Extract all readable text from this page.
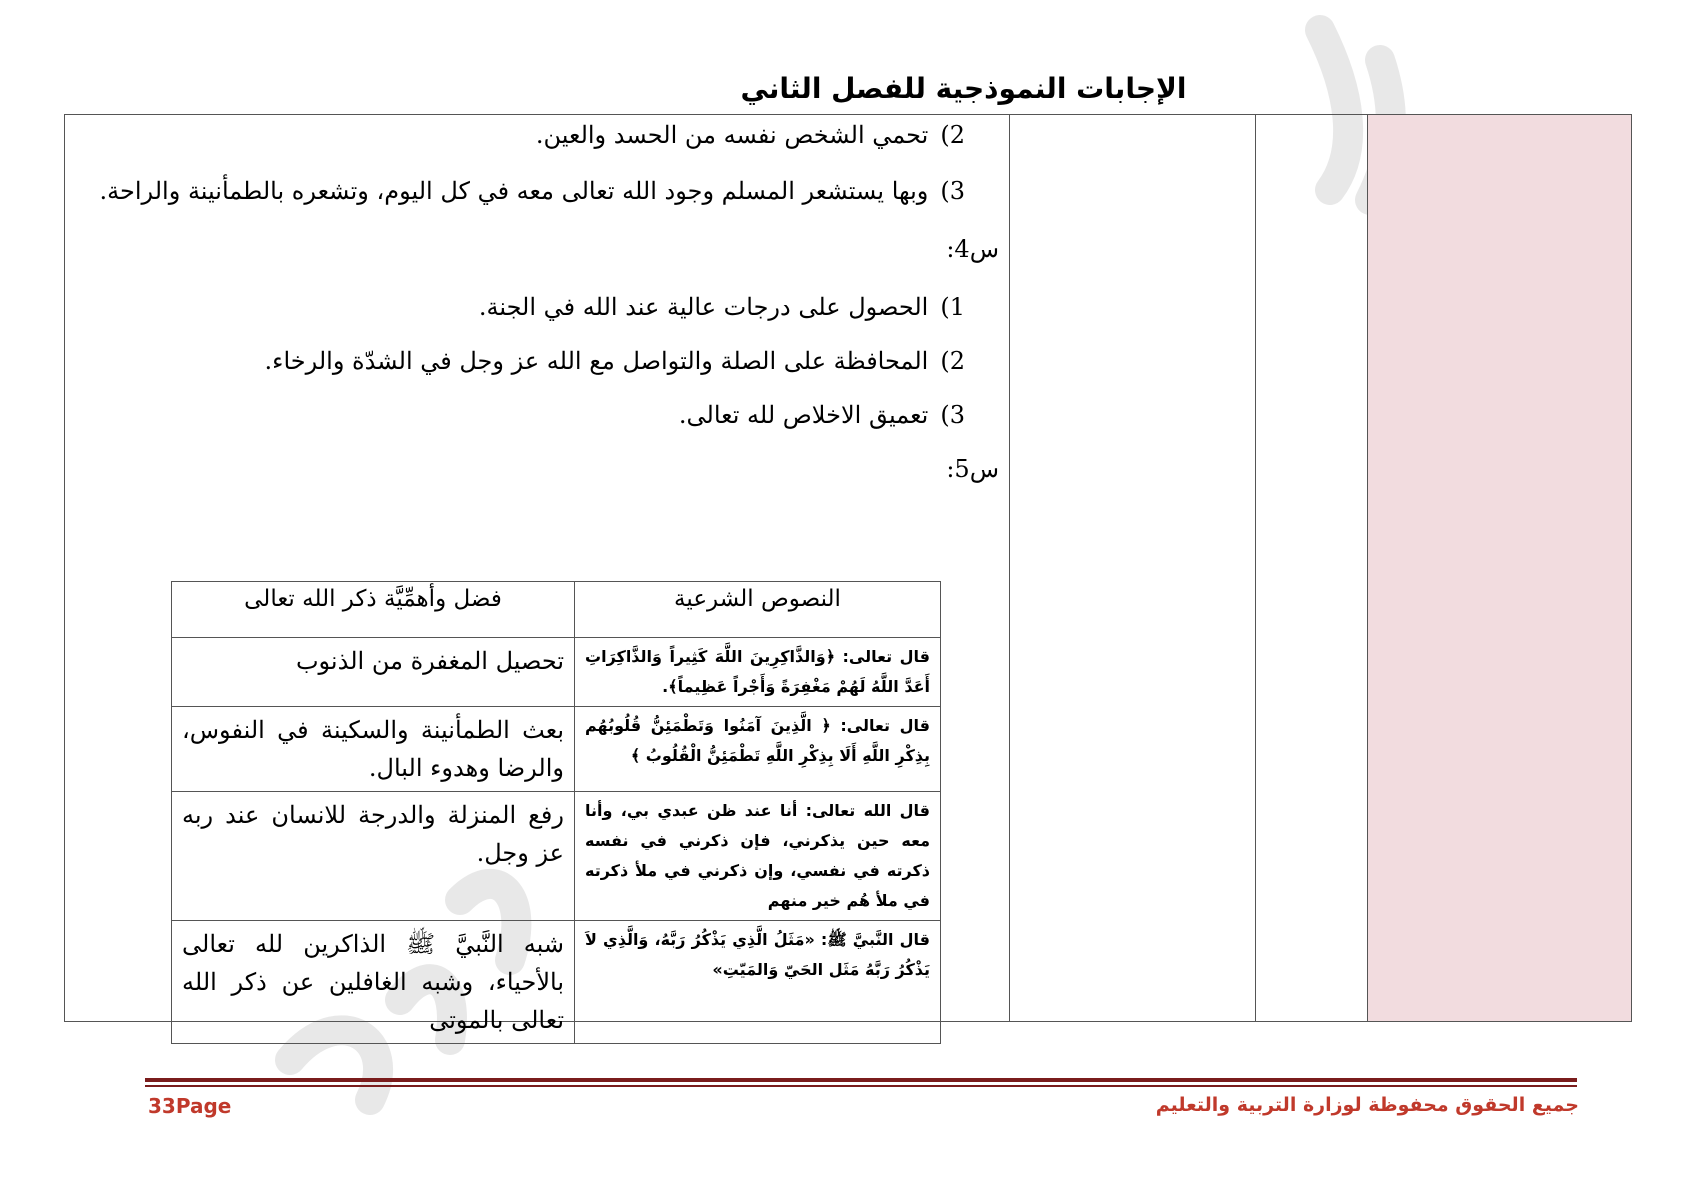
الإجابات النموذجية للفصل الثاني
2)تحمي الشخص نفسه من الحسد والعين.
3)وبها يستشعر المسلم وجود الله تعالى معه في كل اليوم، وتشعره بالطمأنينة والراحة.
س4:
1)الحصول على درجات عالية عند الله في الجنة.
2)المحافظة على الصلة والتواصل مع الله عز وجل في الشدّة والرخاء.
3)تعميق الاخلاص لله تعالى.
س5:
النصوص الشرعية	فضل وأهمِّيَّة ذكر الله تعالى
قال تعالى: ﴿وَالذَّاكِرِينَ اللَّهَ كَثِيراً وَالذَّاكِرَاتِ أَعَدَّ اللَّهُ لَهُمْ مَغْفِرَةً وَأَجْراً عَظِيماً﴾.	تحصيل المغفرة من الذنوب
قال تعالى: ﴿ الَّذِينَ آمَنُوا وَتَطْمَئِنُّ قُلُوبُهُم بِذِكْرِ اللَّهِ أَلَا بِذِكْرِ اللَّهِ تَطْمَئِنُّ الْقُلُوبُ ﴾	بعث الطمأنينة والسكينة في النفوس، والرضا وهدوء البال.
قال الله تعالى: أنا عند ظن عبدي بي، وأنا معه حين يذكرني، فإن ذكرني في نفسه ذكرته في نفسي، وإن ذكرني في ملأ ذكرته في ملأ هُم خير منهم	رفع المنزلة والدرجة للانسان عند ربه عز وجل.
قال النَّبيَّ ﷺ: «مَثَلُ الَّذِي يَذْكُرُ رَبَّهُ، وَالَّذِي لاَ يَذْكُرُ رَبَّهُ مَثَل الحَيّ وَالمَيّتِ»	شبه النَّبيَّ ﷺ الذاكرين لله تعالى بالأحياء، وشبه الغافلين عن ذكر الله تعالى بالموتى
33Page	جميع الحقوق محفوظة لوزارة التربية والتعليم
